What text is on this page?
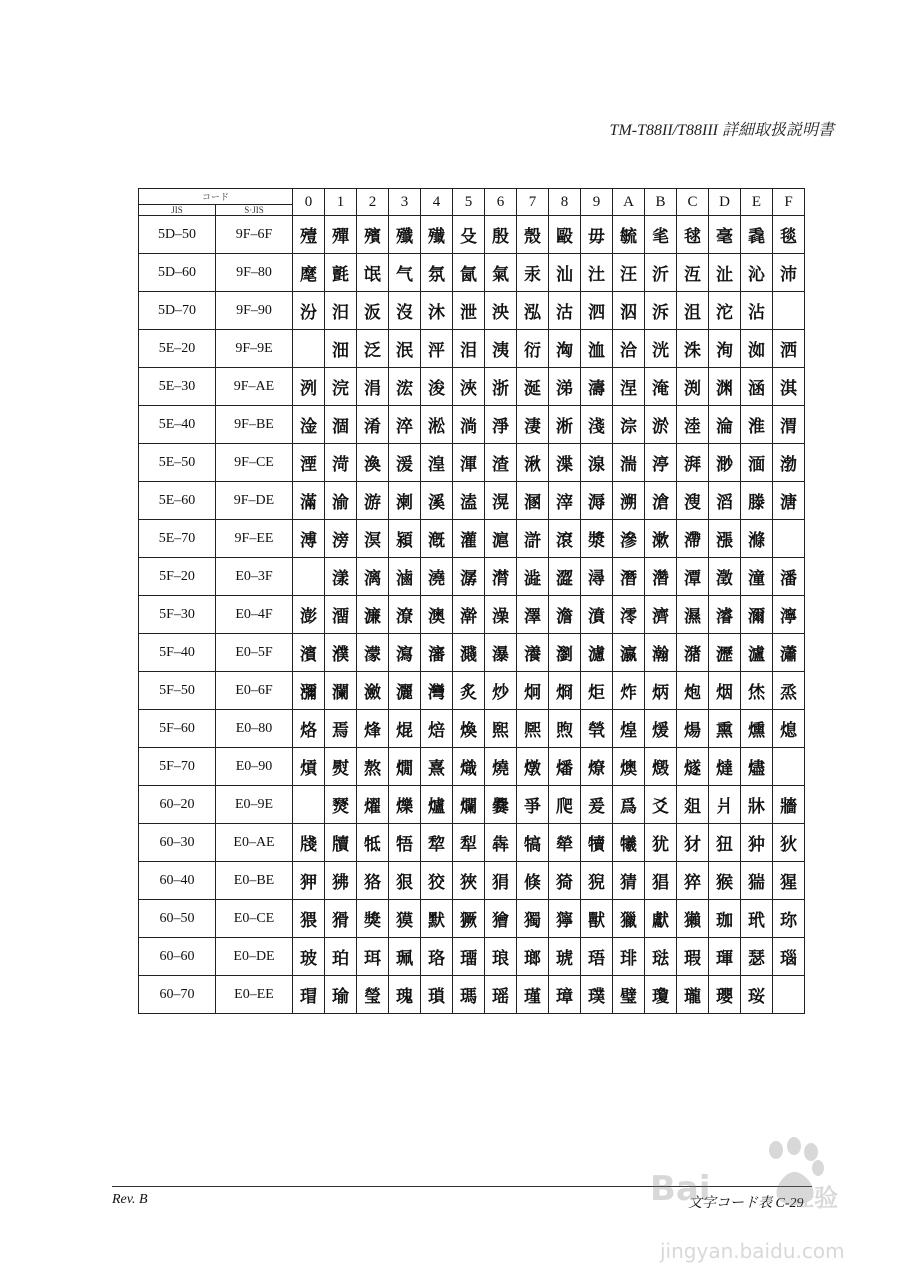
TM-T88II/T88III 詳細取扱説明書
コード		0	1	2	3	4	5	6	7	8	9	A	B	C	D	E	F
JIS	S·JIS																
5D–50	9F–6F	殪	殫	殯	殲	殱	殳	殷	殼	毆	毋	毓	毟	毬	毫	毳	毯
5D–60	9F–80	麾	氈	氓	气	氛	氤	氣	汞	汕	汢	汪	沂	沍	沚	沁	沛
5D–70	9F–90	汾	汨	汳	沒	沐	泄	泱	泓	沽	泗	泅	泝	沮	沱	沾	
5E–20	9F–9E		沺	泛	泯	泙	泪	洟	衍	洶	洫	洽	洸	洙	洵	洳	洒
5E–30	9F–AE	洌	浣	涓	浤	浚	浹	浙	涎	涕	濤	涅	淹	渕	渊	涵	淇
5E–40	9F–BE	淦	涸	淆	淬	淞	淌	淨	淒	淅	淺	淙	淤	淕	淪	淮	渭
5E–50	9F–CE	湮	渮	渙	湲	湟	渾	渣	湫	渫	湶	湍	渟	湃	渺	湎	渤
5E–60	9F–DE	滿	渝	游	溂	溪	溘	滉	溷	滓	溽	溯	滄	溲	滔	滕	溏
5E–70	9F–EE	溥	滂	溟	潁	漑	灌	滬	滸	滾	漿	滲	漱	滯	漲	滌	
5F–20	E0–3F		漾	漓	滷	澆	潺	潸	澁	澀	潯	潛	濳	潭	澂	潼	潘
5F–30	E0–4F	澎	澑	濂	潦	澳	澣	澡	澤	澹	濆	澪	濟	濕	濬	濔	濘
5F–40	E0–5F	濱	濮	濛	瀉	瀋	濺	瀑	瀁	瀏	濾	瀛	瀚	潴	瀝	瀘	瀟
5F–50	E0–6F	瀰	瀾	瀲	灑	灣	炙	炒	炯	烱	炬	炸	炳	炮	烟	烋	烝
5F–60	E0–80	烙	焉	烽	焜	焙	煥	煕	熈	煦	煢	煌	煖	煬	熏	燻	熄
5F–70	E0–90	熕	熨	熬	燗	熹	熾	燒	燉	燔	燎	燠	燬	燧	燵	燼	
60–20	E0–9E		燹	燿	爍	爐	爛	爨	爭	爬	爰	爲	爻	爼	爿	牀	牆
60–30	E0–AE	牋	牘	牴	牾	犂	犁	犇	犒	犖	犢	犧	犹	犲	狃	狆	狄
60–40	E0–BE	狎	狒	狢	狠	狡	狹	狷	倏	猗	猊	猜	猖	猝	猴	猯	猩
60–50	E0–CE	猥	猾	獎	獏	默	獗	獪	獨	獰	獸	獵	獻	獺	珈	玳	珎
60–60	E0–DE	玻	珀	珥	珮	珞	璢	琅	瑯	琥	珸	琲	琺	瑕	琿	瑟	瑙
60–70	E0–EE	瑁	瑜	瑩	瑰	瑣	瑪	瑶	瑾	璋	璞	璧	瓊	瓏	瓔	珱	
Rev. B	文字コード表 C-29
Bai	经验
jingyan.baidu.com
